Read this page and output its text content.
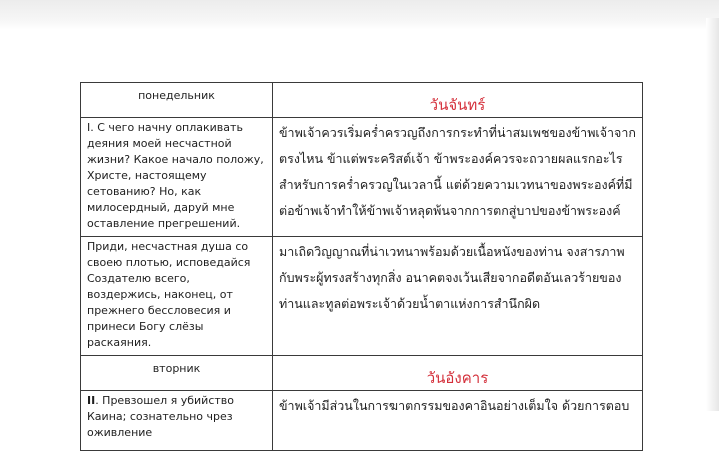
понедельник	วันจันทร์

I. С чего начну оплакивать деяния моей несчастной жизни? Какое начало положу, Христе, настоящему сетованию? Но, как милосердный, даруй мне оставление прегрешений.	ข้าพเจ้าควรเริ่มคร่ำครวญถึงการกระทำที่น่าสมเพชของข้าพเจ้าจากตรงไหน ข้าแต่พระคริสต์เจ้า ข้าพระองค์ควรจะถวายผลแรกอะไรสำหรับการคร่ำครวญในเวลานี้ แต่ด้วยความเวทนาของพระองค์ที่มีต่อข้าพเจ้าทำให้ข้าพเจ้าหลุดพ้นจากการตกสู่บาปของข้าพระองค์

Приди, несчастная душа со своею плотью, исповедайся Создателю всего, воздержись, наконец, от прежнего бессловесия и принеси Богу слёзы раскаяния.	มาเถิดวิญญาณที่น่าเวทนาพร้อมด้วยเนื้อหนังของท่าน จงสารภาพกับพระผู้ทรงสร้างทุกสิ่ง อนาคตจงเว้นเสียจากอดีตอันเลวร้ายของท่านและทูลต่อพระเจ้าด้วยน้ำตาแห่งการสำนึกผิด

вторник	วันอังคาร

II. Превзошел я убийство Каина; сознательно чрез оживление	ข้าพเจ้ามีส่วนในการฆาตกรรมของคาอินอย่างเต็มใจ ด้วยการตอบ
